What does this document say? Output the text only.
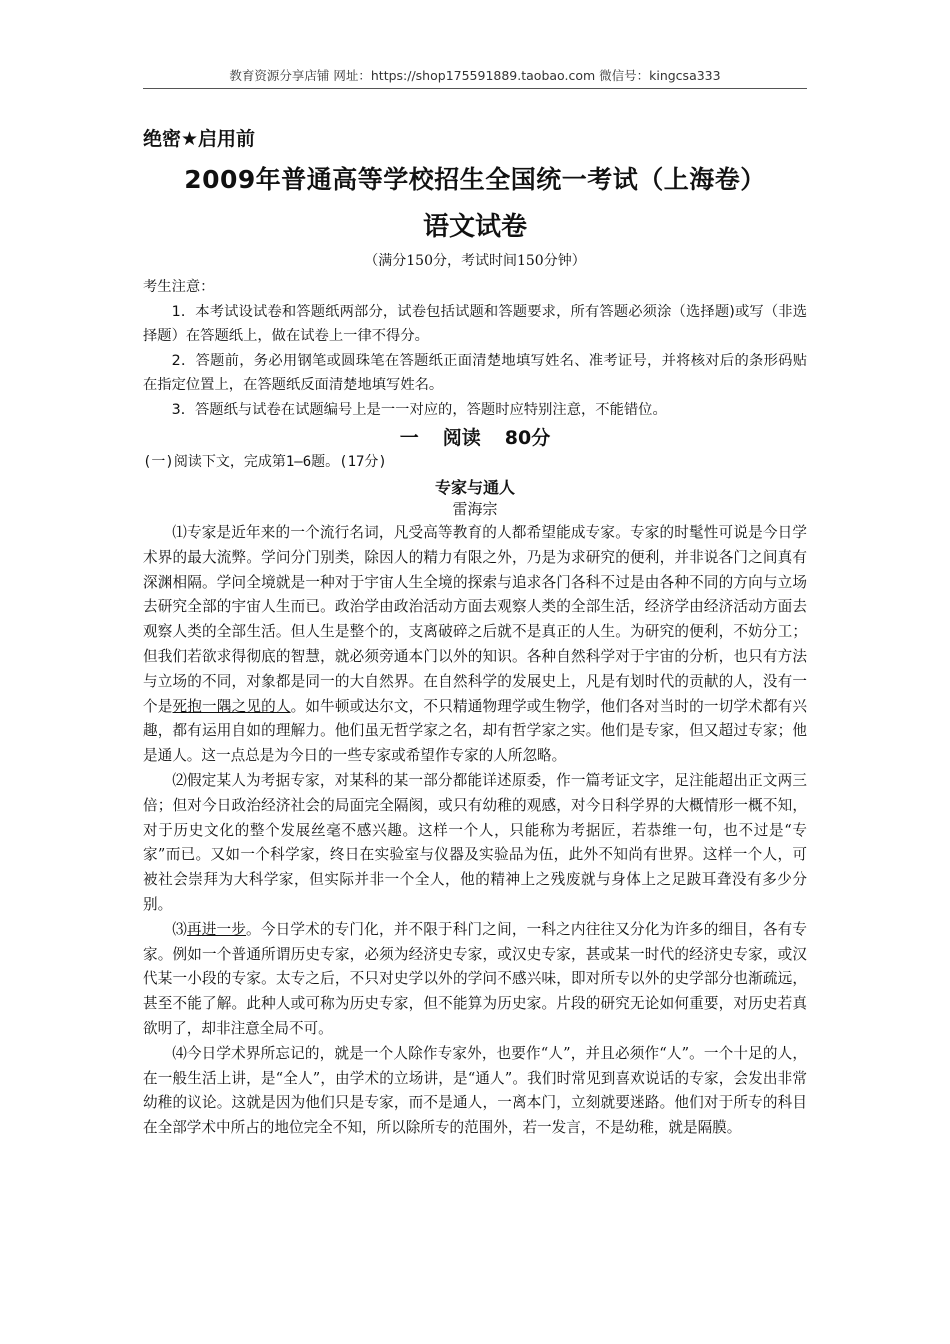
教育资源分享店铺 网址：https://shop175591889.taobao.com 微信号：kingcsa333
绝密★启用前
2009年普通高等学校招生全国统一考试（上海卷）
语文试卷
（满分150分，考试时间150分钟）

考生注意：

1．本考试设试卷和答题纸两部分，试卷包括试题和答题要求，所有答题必须涂（选择题)或写（非选择题）在答题纸上，做在试卷上一律不得分。

2．答题前，务必用钢笔或圆珠笔在答题纸正面清楚地填写姓名、准考证号，并将核对后的条形码贴在指定位置上，在答题纸反面清楚地填写姓名。

3．答题纸与试卷在试题编号上是一一对应的，答题时应特别注意，不能错位。

一 阅读 80分
(一)阅读下文，完成第1—6题。(17分)
专家与通人
雷海宗

⑴专家是近年来的一个流行名词，凡受高等教育的人都希望能成专家。专家的时髦性可说是今日学术界的最大流弊。学问分门别类，除因人的精力有限之外，乃是为求研究的便利，并非说各门之间真有深渊相隔。学问全境就是一种对于宇宙人生全境的探索与追求各门各科不过是由各种不同的方向与立场去研究全部的宇宙人生而已。政治学由政治活动方面去观察人类的全部生活，经济学由经济活动方面去观察人类的全部生活。但人生是整个的，支离破碎之后就不是真正的人生。为研究的便利，不妨分工；但我们若欲求得彻底的智慧，就必须旁通本门以外的知识。各种自然科学对于宇宙的分析，也只有方法与立场的不同，对象都是同一的大自然界。在自然科学的发展史上，凡是有划时代的贡献的人，没有一个是死抱一隅之见的人。如牛顿或达尔文，不只精通物理学或生物学，他们各对当时的一切学术都有兴趣，都有运用自如的理解力。他们虽无哲学家之名，却有哲学家之实。他们是专家，但又超过专家；他是通人。这一点总是为今日的一些专家或希望作专家的人所忽略。

⑵假定某人为考据专家，对某科的某一部分都能详述原委，作一篇考证文字，足注能超出正文两三倍；但对今日政治经济社会的局面完全隔阂，或只有幼稚的观感，对今日科学界的大概情形一概不知，对于历史文化的整个发展丝毫不感兴趣。这样一个人，只能称为考据匠，若恭维一句，也不过是“专家”而已。又如一个科学家，终日在实验室与仪器及实验品为伍，此外不知尚有世界。这样一个人，可被社会崇拜为大科学家，但实际并非一个全人，他的精神上之残废就与身体上之足跛耳聋没有多少分别。

⑶再进一步。今日学术的专门化，并不限于科门之间，一科之内往往又分化为许多的细目，各有专家。例如一个普通所谓历史专家，必须为经济史专家，或汉史专家，甚或某一时代的经济史专家，或汉代某一小段的专家。太专之后，不只对史学以外的学问不感兴味，即对所专以外的史学部分也渐疏远，甚至不能了解。此种人或可称为历史专家，但不能算为历史家。片段的研究无论如何重要，对历史若真欲明了，却非注意全局不可。

⑷今日学术界所忘记的，就是一个人除作专家外，也要作“人”，并且必须作“人”。一个十足的人，在一般生活上讲，是“全人”，由学术的立场讲，是“通人”。我们时常见到喜欢说话的专家，会发出非常幼稚的议论。这就是因为他们只是专家，而不是通人，一离本门，立刻就要迷路。他们对于所专的科目在全部学术中所占的地位完全不知，所以除所专的范围外，若一发言，不是幼稚，就是隔膜。
